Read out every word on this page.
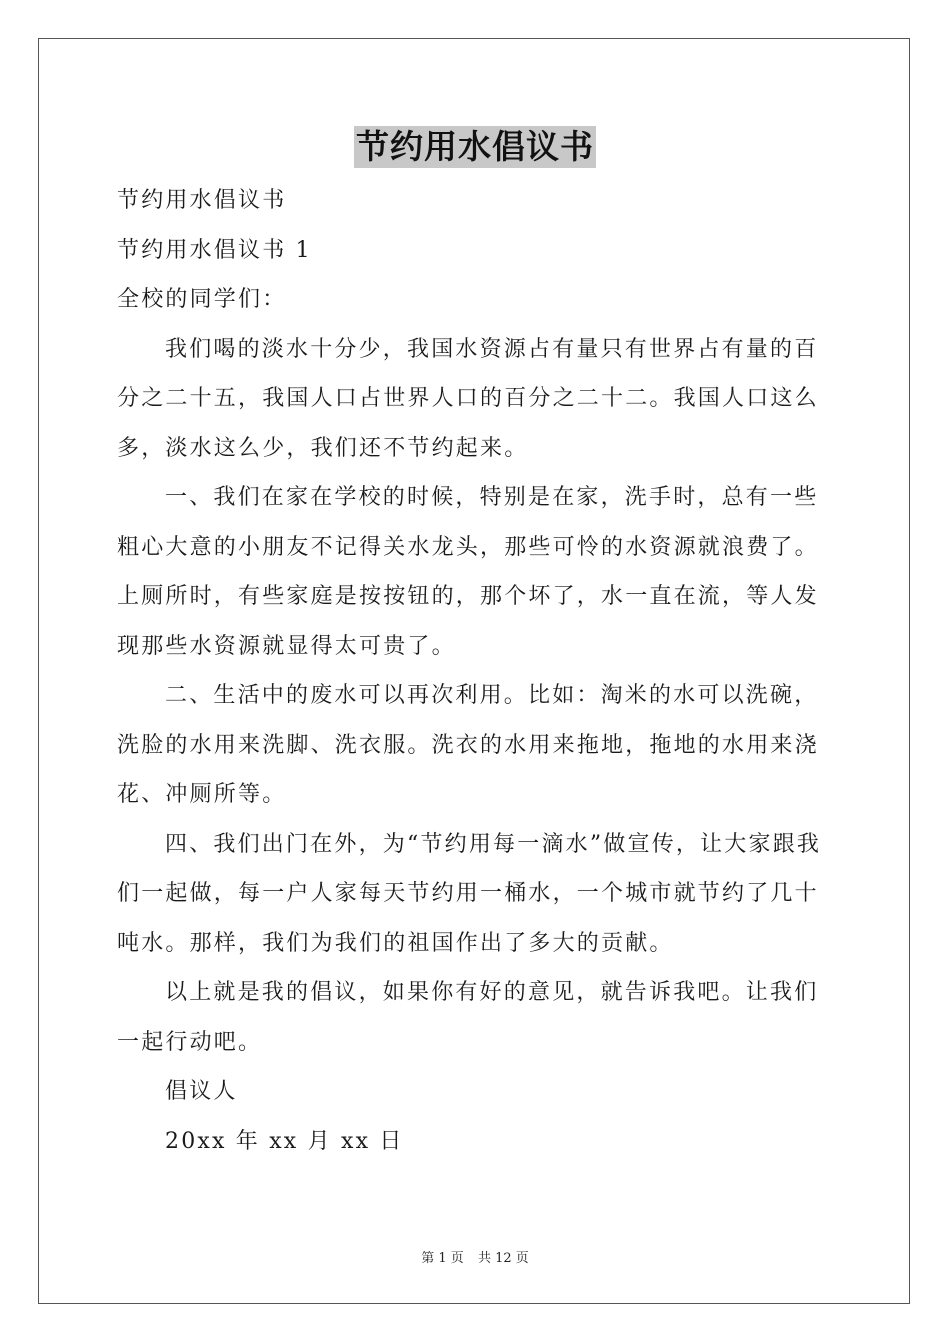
节约用水倡议书

节约用水倡议书

节约用水倡议书 1

全校的同学们：

我们喝的淡水十分少，我国水资源占有量只有世界占有量的百分之二十五，我国人口占世界人口的百分之二十二。我国人口这么多，淡水这么少，我们还不节约起来。

一、我们在家在学校的时候，特别是在家，洗手时，总有一些粗心大意的小朋友不记得关水龙头，那些可怜的水资源就浪费了。上厕所时，有些家庭是按按钮的，那个坏了，水一直在流，等人发现那些水资源就显得太可贵了。

二、生活中的废水可以再次利用。比如：淘米的水可以洗碗，洗脸的水用来洗脚、洗衣服。洗衣的水用来拖地，拖地的水用来浇花、冲厕所等。

四、我们出门在外，为“节约用每一滴水”做宣传，让大家跟我们一起做，每一户人家每天节约用一桶水，一个城市就节约了几十吨水。那样，我们为我们的祖国作出了多大的贡献。

以上就是我的倡议，如果你有好的意见，就告诉我吧。让我们一起行动吧。

倡议人

20xx 年 xx 月 xx 日

第 1 页 共 12 页
